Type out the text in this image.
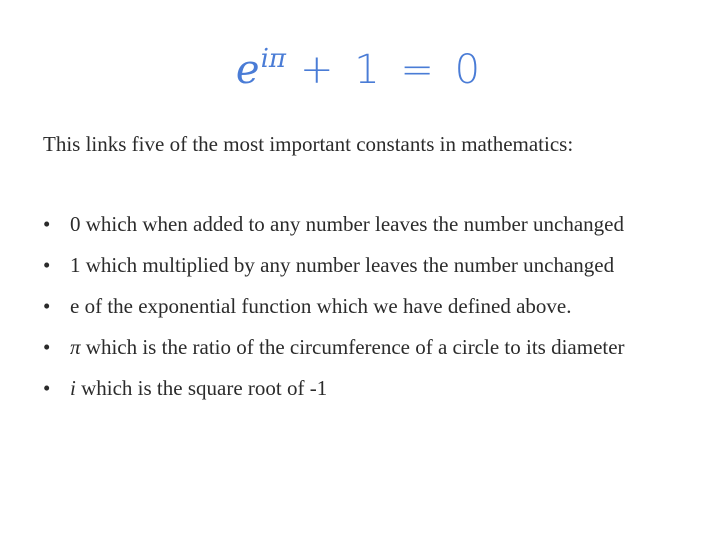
$e^{i\pi} + 1 = 0$
This links five of the most important constants in mathematics:
• 0 which when added to any number leaves the number unchanged
• 1 which multiplied by any number leaves the number unchanged
• e of the exponential function which we have defined above.
• π which is the ratio of the circumference of a circle to its diameter
• i which is the square root of -1
